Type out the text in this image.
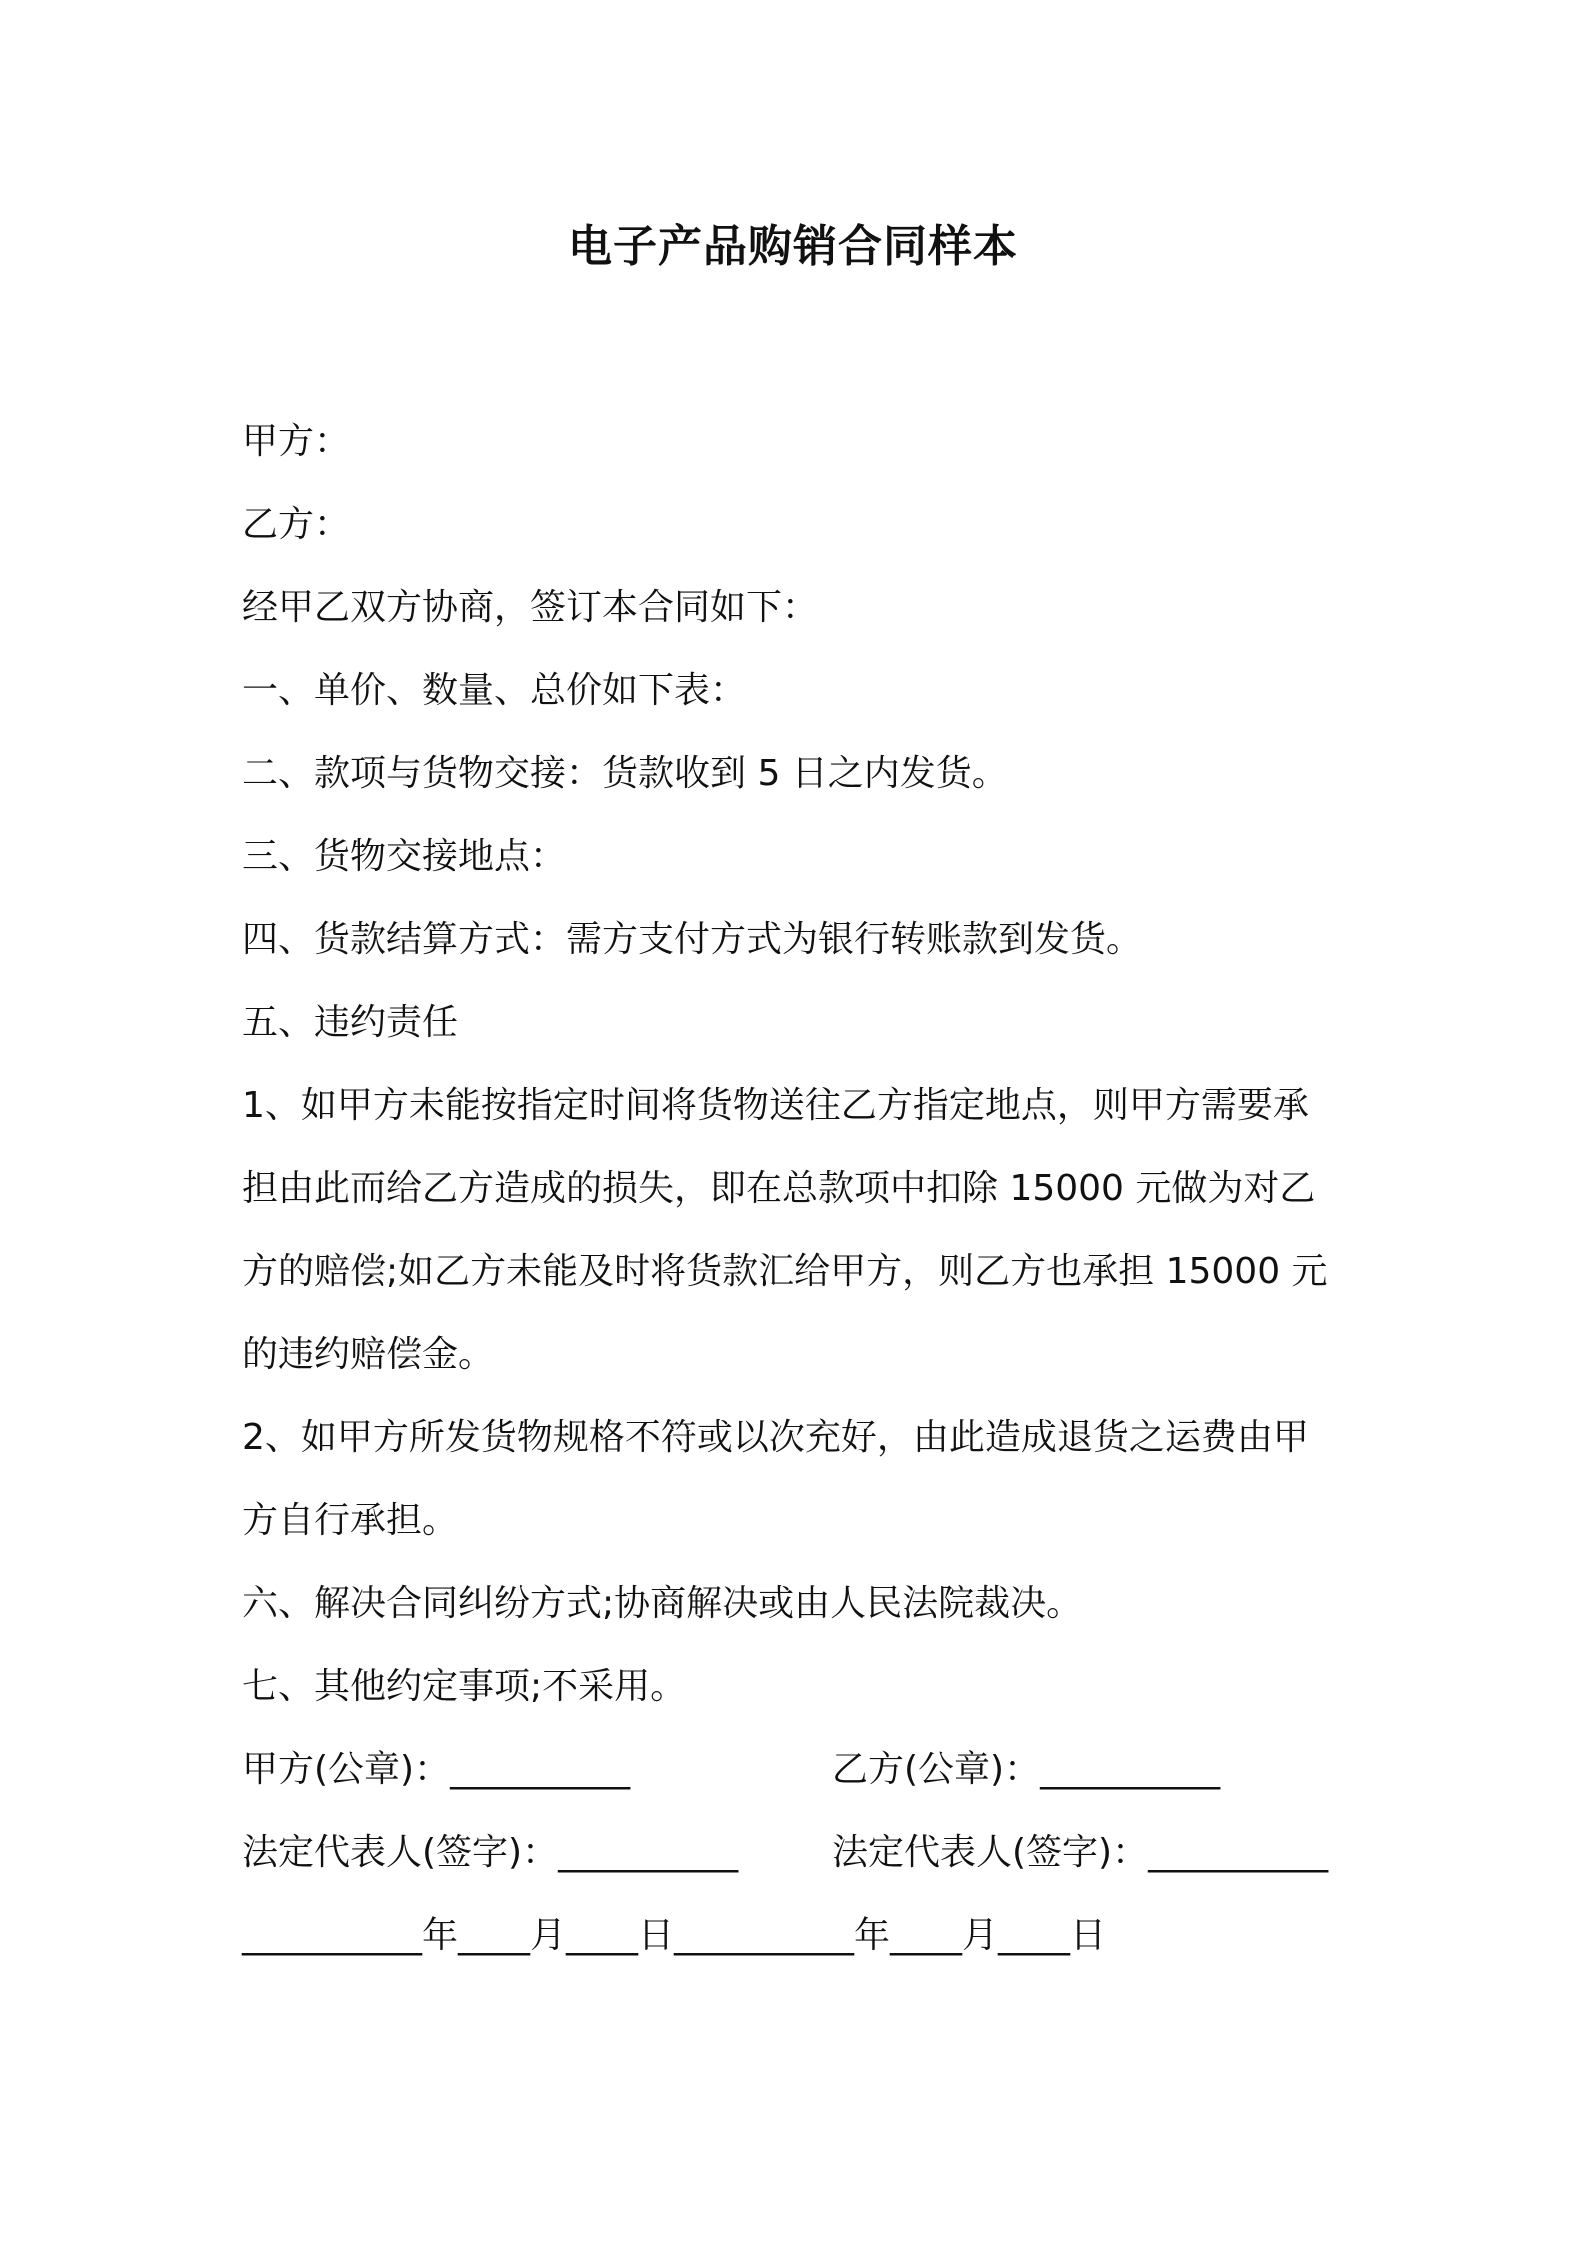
电子产品购销合同样本

甲方：

乙方：

经甲乙双方协商，签订本合同如下：

一、单价、数量、总价如下表：

二、款项与货物交接：货款收到 5 日之内发货。

三、货物交接地点：

四、货款结算方式：需方支付方式为银行转账款到发货。

五、违约责任

1、如甲方未能按指定时间将货物送往乙方指定地点，则甲方需要承

担由此而给乙方造成的损失，即在总款项中扣除 15000 元做为对乙

方的赔偿;如乙方未能及时将货款汇给甲方，则乙方也承担 15000 元

的违约赔偿金。

2、如甲方所发货物规格不符或以次充好，由此造成退货之运费由甲

方自行承担。

六、解决合同纠纷方式;协商解决或由人民法院裁决。

七、其他约定事项;不采用。

甲方(公章)：__________	乙方(公章)：__________
法定代表人(签字)：__________	法定代表人(签字)：__________
__________年____月____日__________年____月____日
